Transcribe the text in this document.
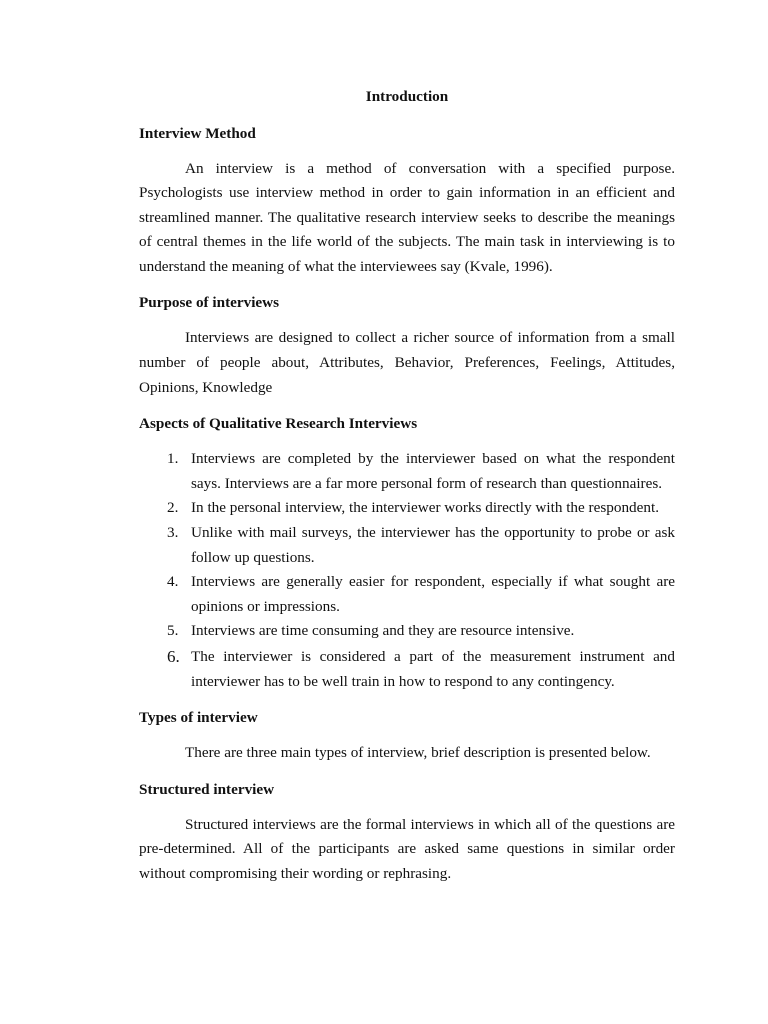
Introduction
Interview Method

An interview is a method of conversation with a specified purpose. Psychologists use interview method in order to gain information in an efficient and streamlined manner. The qualitative research interview seeks to describe the meanings of central themes in the life world of the subjects. The main task in interviewing is to understand the meaning of what the interviewees say (Kvale, 1996).

Purpose of interviews

Interviews are designed to collect a richer source of information from a small number of people about, Attributes, Behavior, Preferences, Feelings, Attitudes, Opinions, Knowledge

Aspects of Qualitative Research Interviews
1. Interviews are completed by the interviewer based on what the respondent says. Interviews are a far more personal form of research than questionnaires.
2. In the personal interview, the interviewer works directly with the respondent.
3. Unlike with mail surveys, the interviewer has the opportunity to probe or ask follow up questions.
4. Interviews are generally easier for respondent, especially if what sought are opinions or impressions.
5. Interviews are time consuming and they are resource intensive.
6. The interviewer is considered a part of the measurement instrument and interviewer has to be well train in how to respond to any contingency.
Types of interview

There are three main types of interview, brief description is presented below.

Structured interview

Structured interviews are the formal interviews in which all of the questions are pre-determined. All of the participants are asked same questions in similar order without compromising their wording or rephrasing.
